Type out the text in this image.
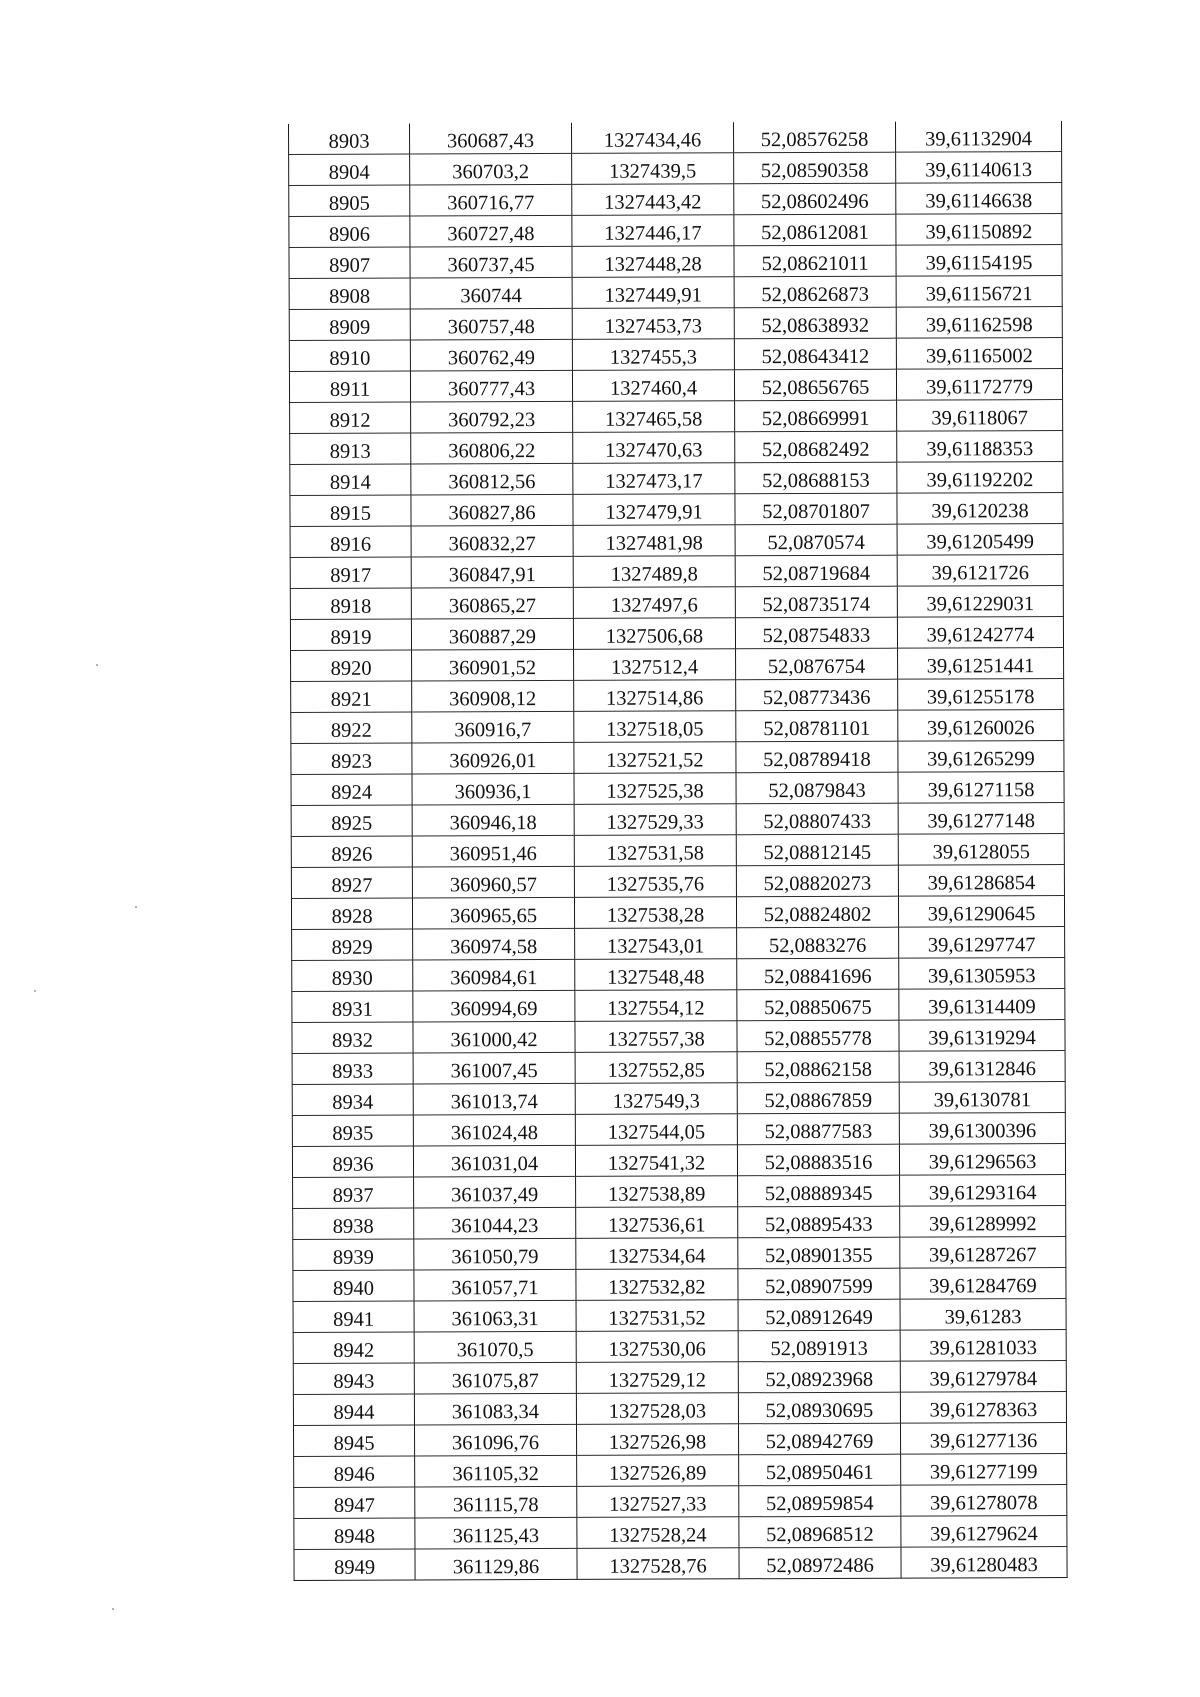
8903	360687,43	1327434,46	52,08576258	39,61132904
8904	360703,2	1327439,5	52,08590358	39,61140613
8905	360716,77	1327443,42	52,08602496	39,61146638
8906	360727,48	1327446,17	52,08612081	39,61150892
8907	360737,45	1327448,28	52,08621011	39,61154195
8908	360744	1327449,91	52,08626873	39,61156721
8909	360757,48	1327453,73	52,08638932	39,61162598
8910	360762,49	1327455,3	52,08643412	39,61165002
8911	360777,43	1327460,4	52,08656765	39,61172779
8912	360792,23	1327465,58	52,08669991	39,6118067
8913	360806,22	1327470,63	52,08682492	39,61188353
8914	360812,56	1327473,17	52,08688153	39,61192202
8915	360827,86	1327479,91	52,08701807	39,6120238
8916	360832,27	1327481,98	52,0870574	39,61205499
8917	360847,91	1327489,8	52,08719684	39,6121726
8918	360865,27	1327497,6	52,08735174	39,61229031
8919	360887,29	1327506,68	52,08754833	39,61242774
8920	360901,52	1327512,4	52,0876754	39,61251441
8921	360908,12	1327514,86	52,08773436	39,61255178
8922	360916,7	1327518,05	52,08781101	39,61260026
8923	360926,01	1327521,52	52,08789418	39,61265299
8924	360936,1	1327525,38	52,0879843	39,61271158
8925	360946,18	1327529,33	52,08807433	39,61277148
8926	360951,46	1327531,58	52,08812145	39,6128055
8927	360960,57	1327535,76	52,08820273	39,61286854
8928	360965,65	1327538,28	52,08824802	39,61290645
8929	360974,58	1327543,01	52,0883276	39,61297747
8930	360984,61	1327548,48	52,08841696	39,61305953
8931	360994,69	1327554,12	52,08850675	39,61314409
8932	361000,42	1327557,38	52,08855778	39,61319294
8933	361007,45	1327552,85	52,08862158	39,61312846
8934	361013,74	1327549,3	52,08867859	39,6130781
8935	361024,48	1327544,05	52,08877583	39,61300396
8936	361031,04	1327541,32	52,08883516	39,61296563
8937	361037,49	1327538,89	52,08889345	39,61293164
8938	361044,23	1327536,61	52,08895433	39,61289992
8939	361050,79	1327534,64	52,08901355	39,61287267
8940	361057,71	1327532,82	52,08907599	39,61284769
8941	361063,31	1327531,52	52,08912649	39,61283
8942	361070,5	1327530,06	52,0891913	39,61281033
8943	361075,87	1327529,12	52,08923968	39,61279784
8944	361083,34	1327528,03	52,08930695	39,61278363
8945	361096,76	1327526,98	52,08942769	39,61277136
8946	361105,32	1327526,89	52,08950461	39,61277199
8947	361115,78	1327527,33	52,08959854	39,61278078
8948	361125,43	1327528,24	52,08968512	39,61279624
8949	361129,86	1327528,76	52,08972486	39,61280483
